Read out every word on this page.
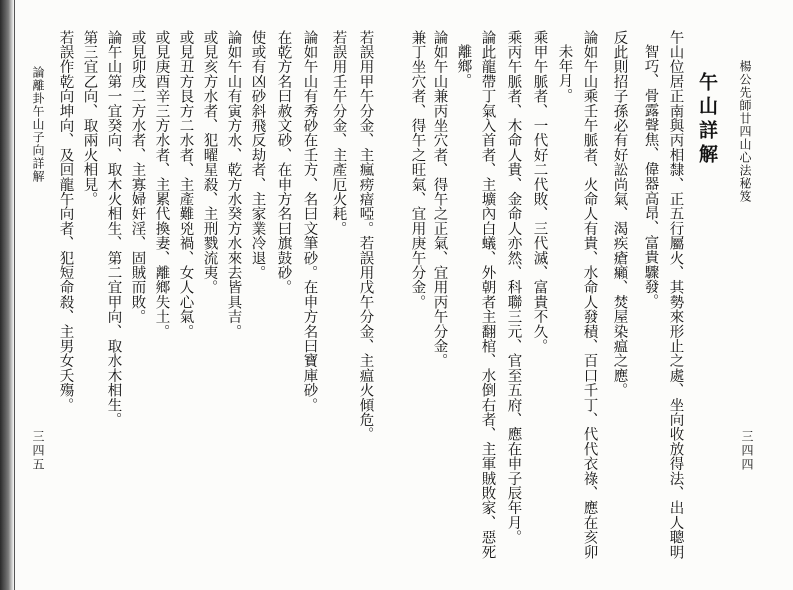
楊公先師廿四山心法秘笈
三四四
午山詳解
午山位居正南與丙相隸、正五行屬火、其勢來形止之處、坐向收放得法、出人聰明
智巧、骨露聲焦、偉器高昂、富貴驟發。
反此則招子孫必有好訟尚氣、渴疾瘡癩、焚屋染瘟之應。
論如午山乘壬午脈者、火命人有貴、水命人發積、百口千丁、代代衣祿、應在亥卯
未年月。
乘甲午脈者、一代好二代敗、三代滅、富貴不久。
乘丙午脈者、木命人貴、金命人亦然、科聯三元、官至五府、應在申子辰年月。
論此龍帶丁氣入首者、主壙內白蟻、外朝者主翻棺、水倒右者、主軍賊敗家、惡死
離鄉。
論如午山兼丙坐穴者、得午之正氣、宜用丙午分金。
兼丁坐穴者、得午之旺氣、宜用庚午分金。
若誤用甲午分金、主瘋痨瘖啞。若誤用戊午分金、主瘟火傾危。
若誤用壬午分金、主產厄火耗。
論如午山有秀砂在壬方、名曰文筆砂。在申方名曰寶庫砂。
在乾方名曰赦文砂、在申方名曰旗鼓砂。
使或有凶砂斜飛反劫者、主家業冷退。
論如午山有寅方水、乾方水癸方水來去皆具吉。
或見亥方水者、犯曜星殺、主刑戮流夷。
或見丑方艮方二水者、主產難兇禍、女人心氣。
或見庚酉辛三方水者、主累代換妻、離鄉失土。
或見卯戌二方水者、主寡婦奸淫、固賊而敗。
論午山第一宜癸向、取木火相生、第二宜甲向、取水木相生。
第三宜乙向、取兩火相見。
若誤作乾向坤向、及回龍午向者、犯短命殺、主男女夭殤。
論離卦午山子向詳解
三四五
